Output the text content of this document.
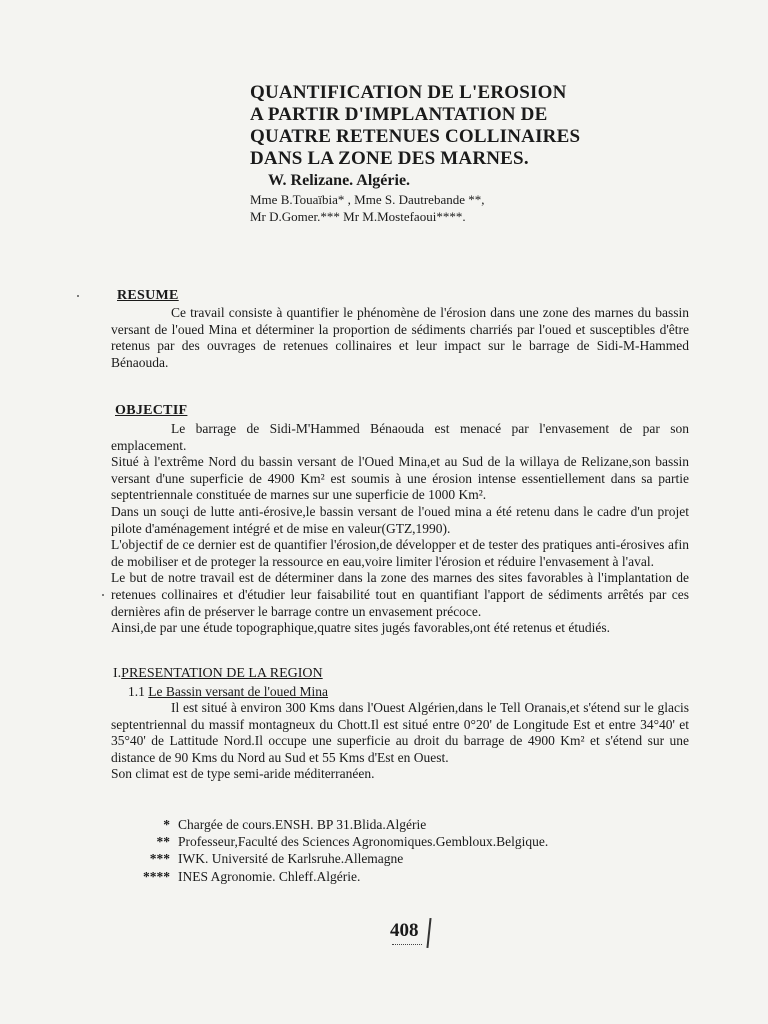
QUANTIFICATION DE L'EROSION
A PARTIR D'IMPLANTATION DE
QUATRE RETENUES COLLINAIRES
DANS LA ZONE DES MARNES.
W. Relizane. Algérie.
Mme B.Touaïbia* , Mme S. Dautrebande **,
Mr D.Gomer.*** Mr M.Mostefaoui****.
RESUME

Ce travail consiste à quantifier le phénomène de l'érosion dans une zone des marnes du bassin versant de l'oued Mina et déterminer la proportion de sédiments charriés par l'oued et susceptibles d'être retenus par des ouvrages de retenues collinaires et leur impact sur le barrage de Sidi-M-Hammed Bénaouda.

OBJECTIF

Le barrage de Sidi-M'Hammed Bénaouda est menacé par l'envasement de par son emplacement.

Situé à l'extrême Nord du bassin versant de l'Oued Mina,et au Sud de la willaya de Relizane,son bassin versant d'une superficie de 4900 Km² est soumis à une érosion intense essentiellement dans sa partie septentriennale constituée de marnes sur une superficie de 1000 Km².

Dans un souçi de lutte anti-érosive,le bassin versant de l'oued mina a été retenu dans le cadre d'un projet pilote d'aménagement intégré et de mise en valeur(GTZ,1990).

L'objectif de ce dernier est de quantifier l'érosion,de développer et de tester des pratiques anti-érosives afin de mobiliser et de proteger la ressource en eau,voire limiter l'érosion et réduire l'envasement à l'aval.

Le but de notre travail est de déterminer dans la zone des marnes des sites favorables à l'implantation de retenues collinaires et d'étudier leur faisabilité tout en quantifiant l'apport de sédiments arrêtés par ces dernières afin de préserver le barrage contre un envasement précoce.

Ainsi,de par une étude topographique,quatre sites jugés favorables,ont été retenus et étudiés.

I.PRESENTATION DE LA REGION
1.1 Le Bassin versant de l'oued Mina

Il est situé à environ 300 Kms dans l'Ouest Algérien,dans le Tell Oranais,et s'étend sur le glacis septentriennal du massif montagneux du Chott.Il est situé entre 0°20' de Longitude Est et entre 34°40' et 35°40' de Lattitude Nord.Il occupe une superficie au droit du barrage de 4900 Km² et s'étend sur une distance de 90 Kms du Nord au Sud et 55 Kms d'Est en Ouest.

Son climat est de type semi-aride méditerranéen.

* Chargée de cours.ENSH. BP 31.Blida.Algérie
** Professeur,Faculté des Sciences Agronomiques.Gembloux.Belgique.
*** IWK. Université de Karlsruhe.Allemagne
**** INES Agronomie. Chleff.Algérie.
408
